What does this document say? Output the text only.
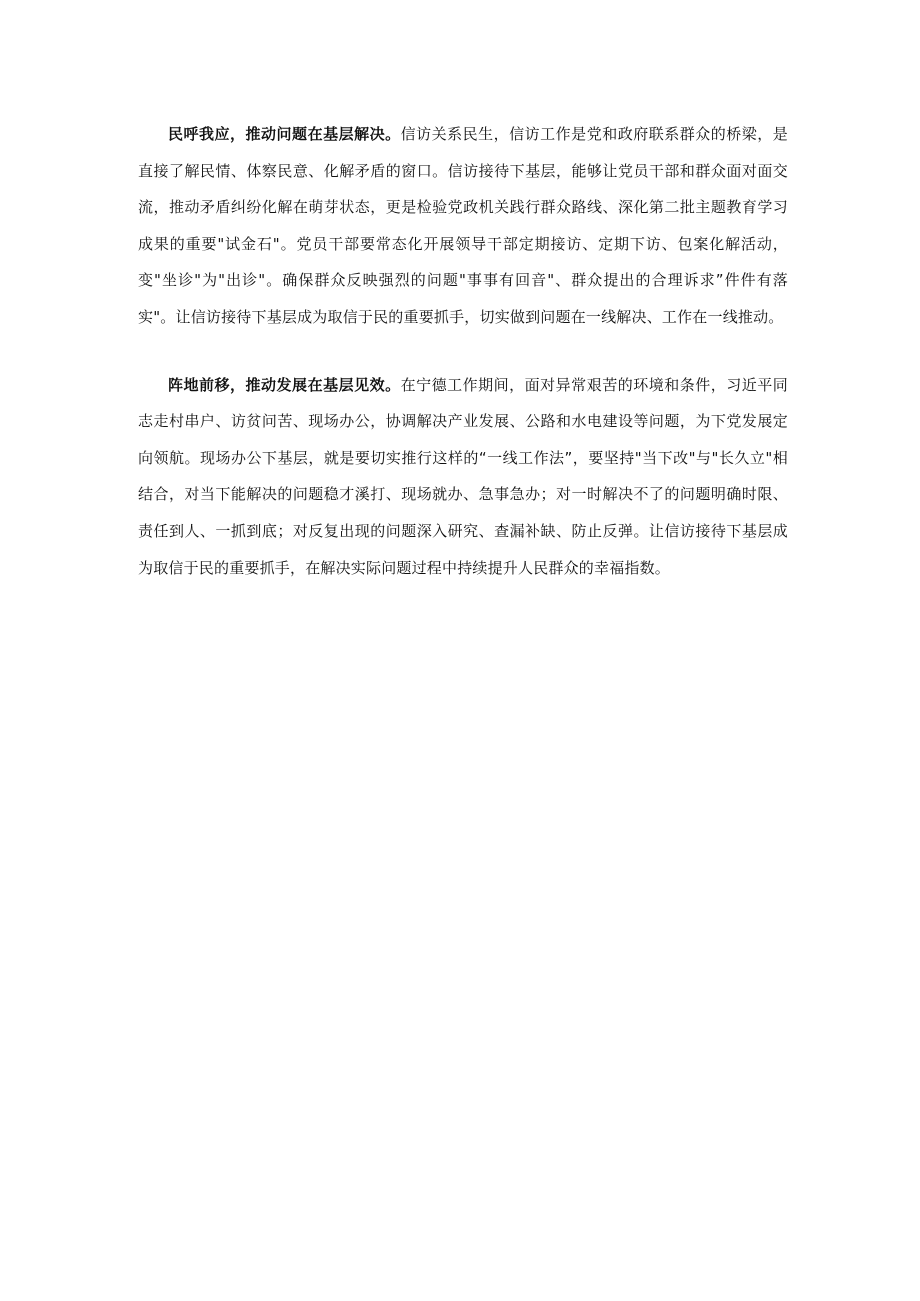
民呼我应，推动问题在基层解决。信访关系民生，信访工作是党和政府联系群众的桥梁，是直接了解民情、体察民意、化解矛盾的窗口。信访接待下基层，能够让党员干部和群众面对面交流，推动矛盾纠纷化解在萌芽状态，更是检验党政机关践行群众路线、深化第二批主题教育学习成果的重要"试金石"。党员干部要常态化开展领导干部定期接访、定期下访、包案化解活动，变"坐诊"为"出诊"。确保群众反映强烈的问题"事事有回音"、群众提出的合理诉求”件件有落实"。让信访接待下基层成为取信于民的重要抓手，切实做到问题在一线解决、工作在一线推动。

阵地前移，推动发展在基层见效。在宁德工作期间，面对异常艰苦的环境和条件，习近平同志走村串户、访贫问苦、现场办公，协调解决产业发展、公路和水电建设等问题，为下党发展定向领航。现场办公下基层，就是要切实推行这样的“一线工作法”，要坚持"当下改"与"长久立"相结合，对当下能解决的问题稳才溪打、现场就办、急事急办；对一时解决不了的问题明确时限、责任到人、一抓到底；对反复出现的问题深入研究、查漏补缺、防止反弹。让信访接待下基层成为取信于民的重要抓手，在解决实际问题过程中持续提升人民群众的幸福指数。
